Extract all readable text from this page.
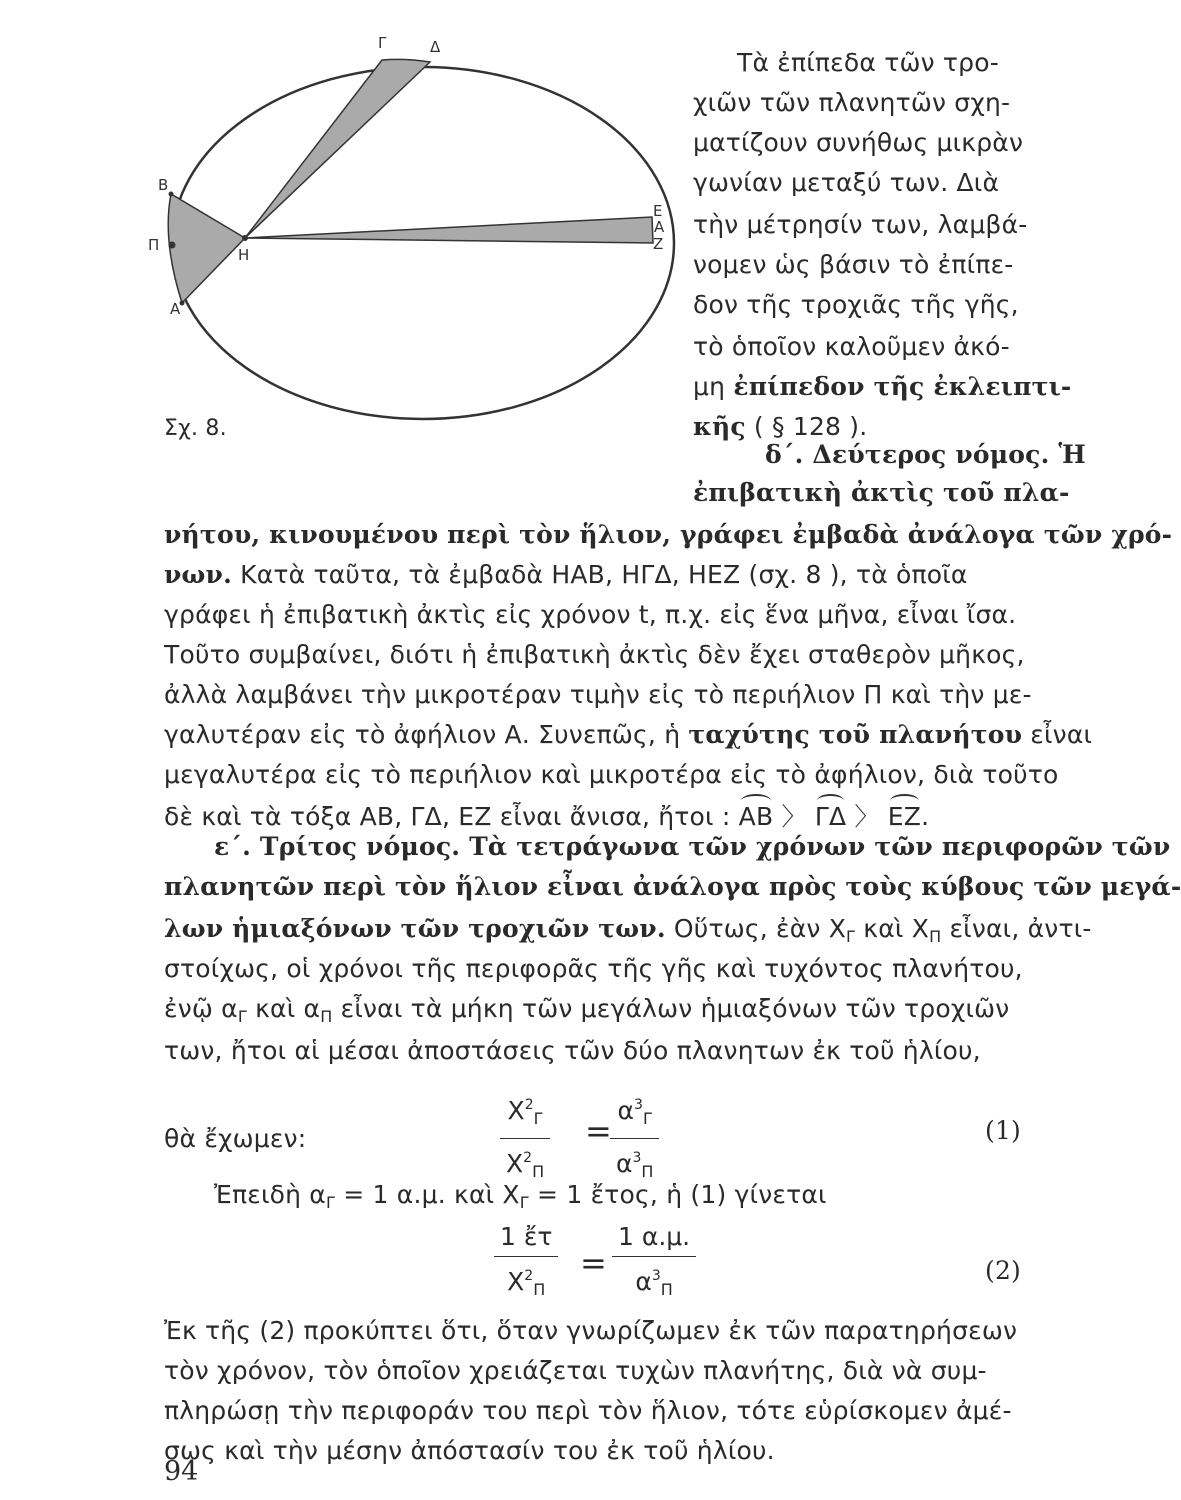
Γ	Δ
Β
Π
Α
Η
Ε
Α
Ζ
Σχ. 8.
Τὰ ἐπίπεδα τῶν τρο-
χιῶν τῶν πλανητῶν σχη-
ματίζουν συνήθως μικρὰν
γωνίαν μεταξύ των. Διὰ
τὴν μέτρησίν των, λαμβά-
νομεν ὡς βάσιν τὸ ἐπίπε-
δον τῆς τροχιᾶς τῆς γῆς,
τὸ ὁποῖον καλοῦμεν ἀκό-
μη ἐπίπεδον τῆς ἐκλειπτι-
κῆς ( § 128 ).
δ΄. Δεύτερος νόμος. Ἡ
ἐπιβατικὴ ἀκτὶς τοῦ πλα-
νήτου, κινουμένου περὶ τὸν ἥλιον, γράφει ἐμβαδὰ ἀνάλογα τῶν χρό-
νων. Κατὰ ταῦτα, τὰ ἐμβαδὰ ΗΑΒ, ΗΓΔ, ΗΕΖ (σχ. 8 ), τὰ ὁποῖα
γράφει ἡ ἐπιβατικὴ ἀκτὶς εἰς χρόνον t, π.χ. εἰς ἕνα μῆνα, εἶναι ἴσα.
Τοῦτο συμβαίνει, διότι ἡ ἐπιβατικὴ ἀκτὶς δὲν ἔχει σταθερὸν μῆκος,
ἀλλὰ λαμβάνει τὴν μικροτέραν τιμὴν εἰς τὸ περιήλιον Π καὶ τὴν με-
γαλυτέραν εἰς τὸ ἀφήλιον Α. Συνεπῶς, ἡ ταχύτης τοῦ πλανήτου εἶναι
μεγαλυτέρα εἰς τὸ περιήλιον καὶ μικροτέρα εἰς τὸ ἀφήλιον, διὰ τοῦτο
δὲ καὶ τὰ τόξα ΑΒ, ΓΔ, ΕΖ εἶναι ἄνισα, ἤτοι : ΑΒ 〉 ΓΔ 〉 ΕΖ.
ε΄. Τρίτος νόμος. Τὰ τετράγωνα τῶν χρόνων τῶν περιφορῶν τῶν
πλανητῶν περὶ τὸν ἥλιον εἶναι ἀνάλογα πρὸς τοὺς κύβους τῶν μεγά-
λων ἡμιαξόνων τῶν τροχιῶν των. Οὕτως, ἐὰν $X_\Gamma$ καὶ $X_\Pi$ εἶναι, ἀντι-
στοίχως, οἱ χρόνοι τῆς περιφορᾶς τῆς γῆς καὶ τυχόντος πλανήτου,
ἐνῷ $\alpha_\Gamma$ καὶ $\alpha_\Pi$ εἶναι τὰ μήκη τῶν μεγάλων ἡμιαξόνων τῶν τροχιῶν
των, ἤτοι αἱ μέσαι ἀποστάσεις τῶν δύο πλανητων ἐκ τοῦ ἡλίου,
θὰ ἔχωμεν:	$\frac{X^2_\Gamma}{X^2_\Pi}$ =
$\frac{\alpha^3_\Gamma}{\alpha^3_\Pi}$	(1)
Ἐπειδὴ $\alpha_\Gamma = 1$ α.μ. καὶ $X_\Gamma = 1$ ἔτος, ἡ (1) γίνεται
$\frac{\text{1 ἔτ}}{X^2_\Pi} = \frac{1 \alpha.\mu.}{\alpha^3_\Pi}$	(2)
Ἐκ τῆς (2) προκύπτει ὅτι, ὅταν γνωρίζωμεν ἐκ τῶν παρατηρήσεων
τὸν χρόνον, τὸν ὁποῖον χρειάζεται τυχὼν πλανήτης, διὰ νὰ συμ-
πληρώσῃ τὴν περιφοράν του περὶ τὸν ἥλιον, τότε εὑρίσκομεν ἀμέ-
σως καὶ τὴν μέσην ἀπόστασίν του ἐκ τοῦ ἡλίου.
94
